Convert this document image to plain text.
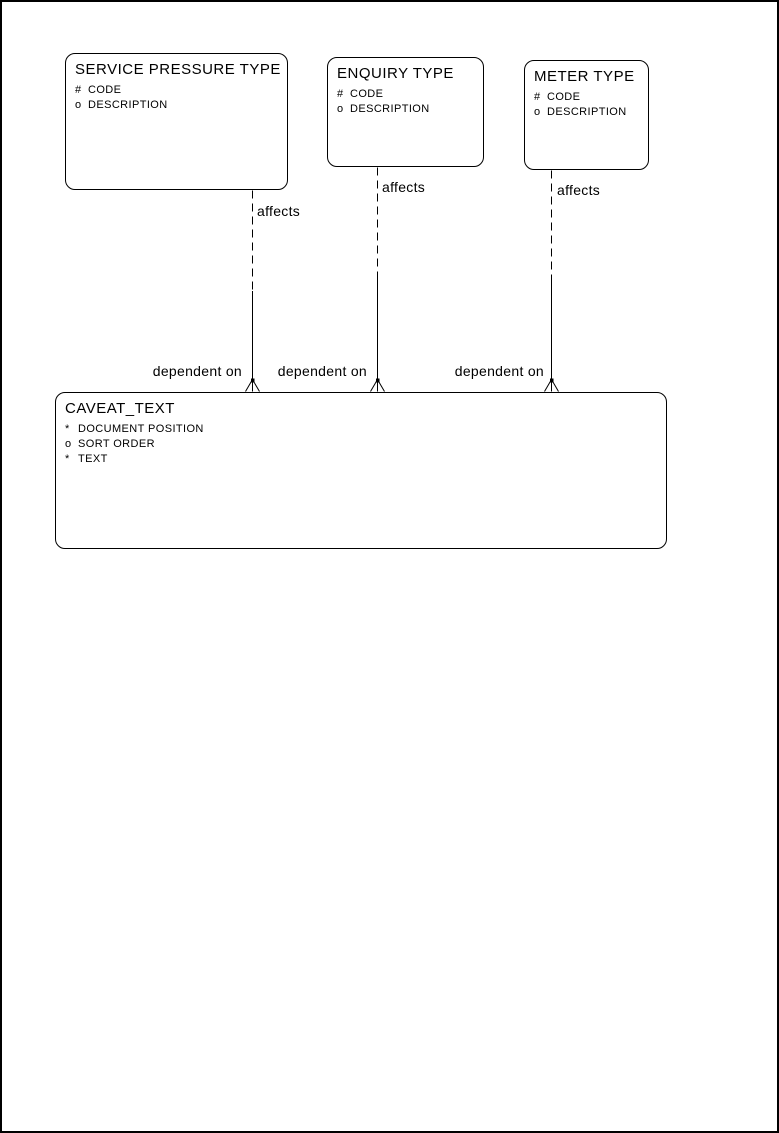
SERVICE PRESSURE TYPE
# CODE
o DESCRIPTION
ENQUIRY TYPE
# CODE
o DESCRIPTION
METER TYPE
# CODE
o DESCRIPTION
CAVEAT_TEXT
* DOCUMENT POSITION
o SORT ORDER
* TEXT
affects
affects	affects
dependent on	dependent on	dependent on
